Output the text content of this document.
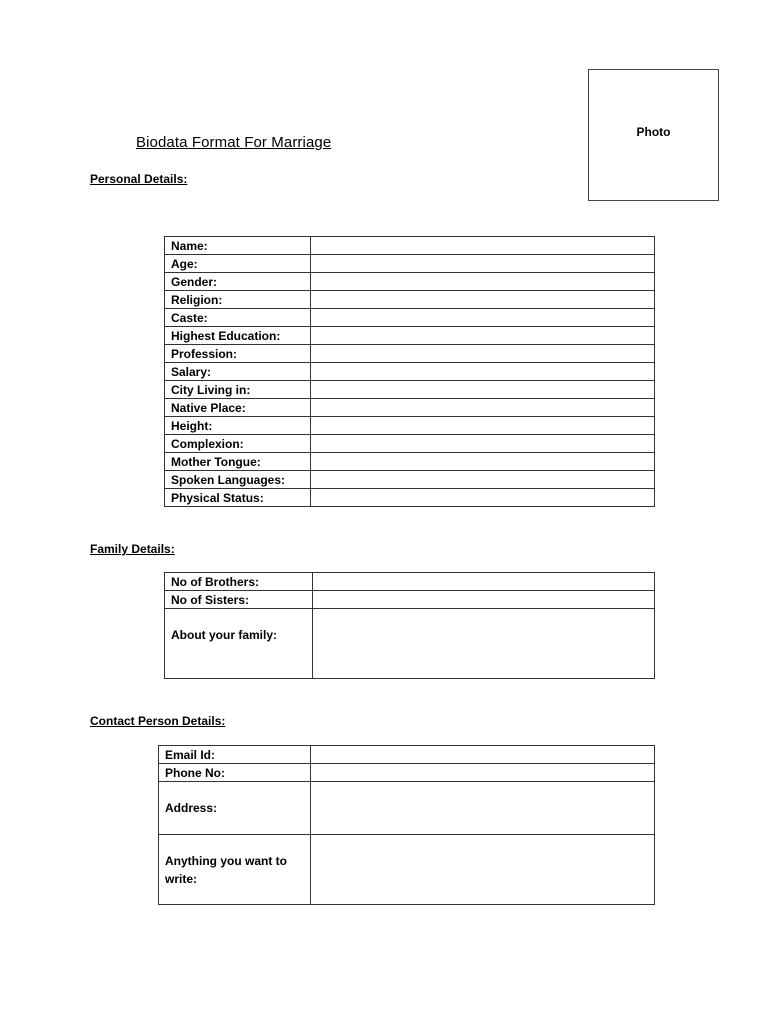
Biodata Format For Marriage
Photo
Personal Details:
Name:	
Age:	
Gender:	
Religion:	
Caste:	
Highest Education:	
Profession:	
Salary:	
City Living in:	
Native Place:	
Height:	
Complexion:	
Mother Tongue:	
Spoken Languages:	
Physical Status:	
Family Details:
No of Brothers:	
No of Sisters:	
About your family:	
Contact Person Details:
Email Id:	
Phone No:	
Address:	
Anything you want to write:	
